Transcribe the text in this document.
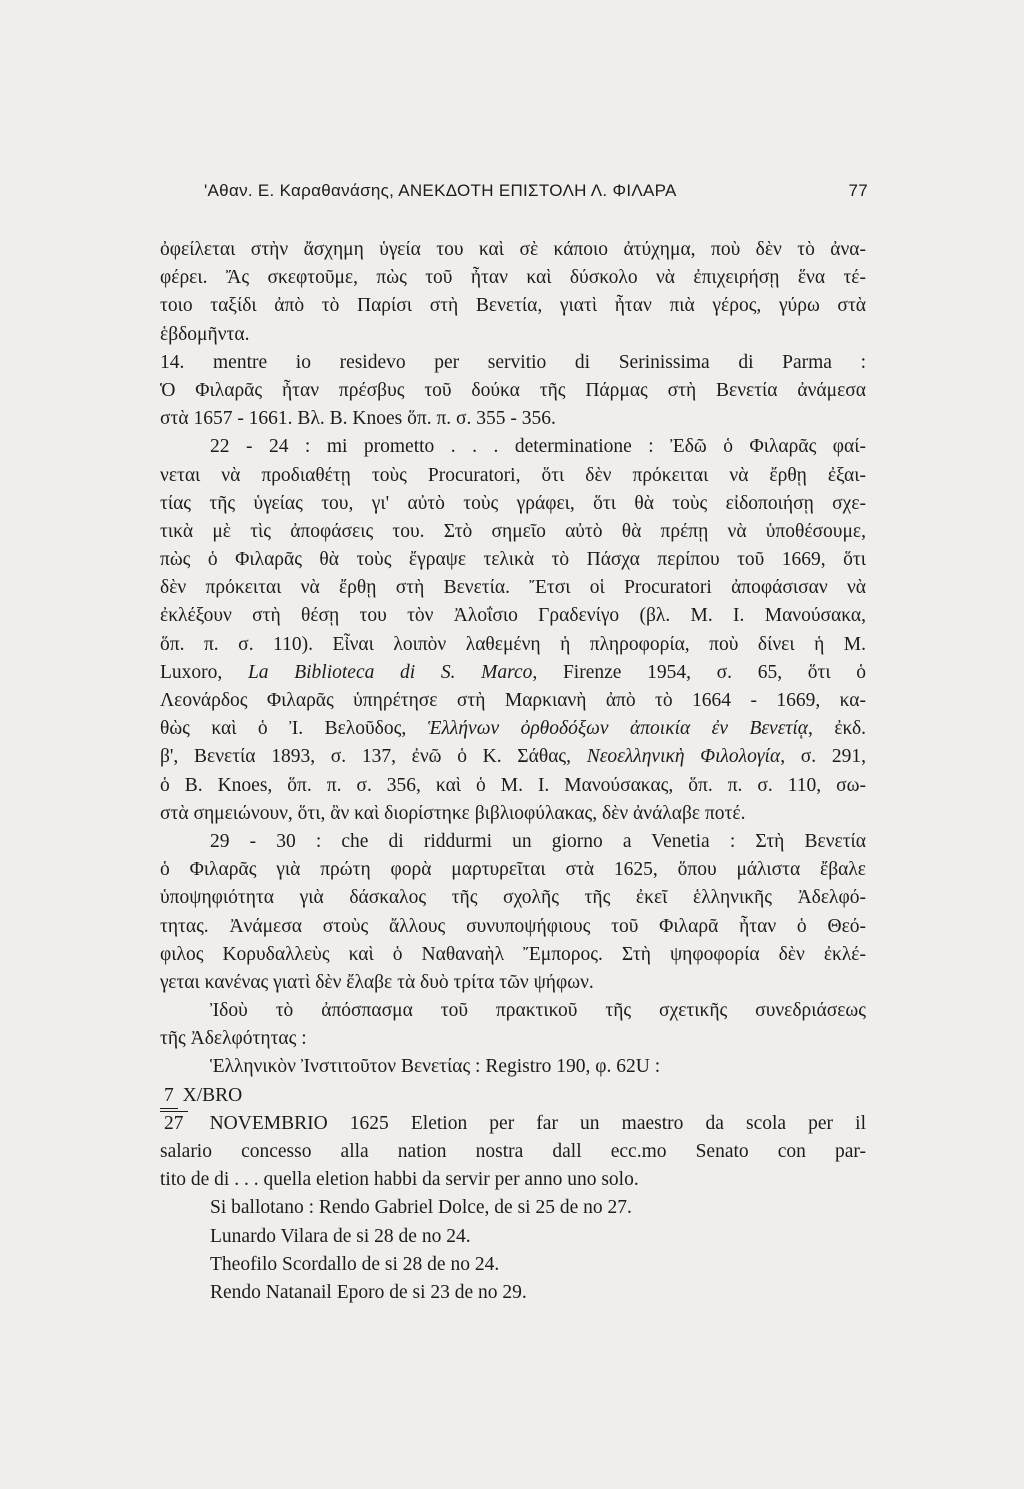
'Αθαν. Ε. Καραθανάσης, ΑΝΕΚΔΟΤΗ ΕΠΙΣΤΟΛΗ Λ. ΦΙΛΑΡΑ	77
ὀφείλεται στὴν ἄσχημη ὑγεία του καὶ σὲ κάποιο ἀτύχημα, ποὺ δὲν τὸ ἀνα-
φέρει. Ἄς σκεφτοῦμε, πὼς τοῦ ἦταν καὶ δύσκολο νὰ ἐπιχειρήσῃ ἕνα τέ-
τοιο ταξίδι ἀπὸ τὸ Παρίσι στὴ Βενετία, γιατὶ ἦταν πιὰ γέρος, γύρω στὰ
ἑβδομῆντα.
14. mentre io residevo per servitio di Serinissima di Parma :
Ὁ Φιλαρᾶς ἦταν πρέσβυς τοῦ δούκα τῆς Πάρμας στὴ Βενετία ἀνάμεσα
στὰ 1657 - 1661. Βλ. B. Knoes ὅπ. π. σ. 355 - 356.
22 - 24 : mi prometto . . . determinatione : Ἐδῶ ὁ Φιλαρᾶς φαί-
νεται νὰ προδιαθέτῃ τοὺς Procuratori, ὅτι δὲν πρόκειται νὰ ἔρθῃ ἐξαι-
τίας τῆς ὑγείας του, γι' αὐτὸ τοὺς γράφει, ὅτι θὰ τοὺς εἰδοποιήσῃ σχε-
τικὰ μὲ τὶς ἀποφάσεις του. Στὸ σημεῖο αὐτὸ θὰ πρέπῃ νὰ ὑποθέσουμε,
πὼς ὁ Φιλαρᾶς θὰ τοὺς ἔγραψε τελικὰ τὸ Πάσχα περίπου τοῦ 1669, ὅτι
δὲν πρόκειται νὰ ἔρθῃ στὴ Βενετία. Ἔτσι οἱ Procuratori ἀποφάσισαν νὰ
ἐκλέξουν στὴ θέσῃ του τὸν Ἀλοΐσιο Γραδενίγο (βλ. Μ. Ι. Μανούσακα,
ὅπ. π. σ. 110). Εἶναι λοιπὸν λαθεμένη ἡ πληροφορία, ποὺ δίνει ἡ M.
Luxoro, La Biblioteca di S. Marco, Firenze 1954, σ. 65, ὅτι ὁ
Λεονάρδος Φιλαρᾶς ὑπηρέτησε στὴ Μαρκιανὴ ἀπὸ τὸ 1664 - 1669, κα-
θὼς καὶ ὁ Ἰ. Βελοῦδος, Ἑλλήνων ὀρθοδόξων ἀποικία ἐν Βενετίᾳ, ἐκδ.
β', Βενετία 1893, σ. 137, ἐνῶ ὁ Κ. Σάθας, Νεοελληνικὴ Φιλολογία, σ. 291,
ὁ B. Knoes, ὅπ. π. σ. 356, καὶ ὁ Μ. Ι. Μανούσακας, ὅπ. π. σ. 110, σω-
στὰ σημειώνουν, ὅτι, ἂν καὶ διορίστηκε βιβλιοφύλακας, δὲν ἀνάλαβε ποτέ.
29 - 30 : che di riddurmi un giorno a Venetia : Στὴ Βενετία
ὁ Φιλαρᾶς γιὰ πρώτη φορὰ μαρτυρεῖται στὰ 1625, ὅπου μάλιστα ἔβαλε
ὑποψηφιότητα γιὰ δάσκαλος τῆς σχολῆς τῆς ἐκεῖ ἑλληνικῆς Ἀδελφό-
τητας. Ἀνάμεσα στοὺς ἄλλους συνυποψήφιους τοῦ Φιλαρᾶ ἦταν ὁ Θεό-
φιλος Κορυδαλλεὺς καὶ ὁ Ναθαναὴλ Ἔμπορος. Στὴ ψηφοφορία δὲν ἐκλέ-
γεται κανένας γιατὶ δὲν ἔλαβε τὰ δυὸ τρίτα τῶν ψήφων.
Ἰδοὺ τὸ ἀπόσπασμα τοῦ πρακτικοῦ τῆς σχετικῆς συνεδριάσεως
τῆς Ἀδελφότητας :
Ἑλληνικὸν Ἰνστιτοῦτον Βενετίας : Registro 190, φ. 62U :
7 X/BRO
27 NOVEMBRIO 1625 Eletion per far un maestro da scola per il
salario concesso alla nation nostra dall ecc.mo Senato con par-
tito de di . . . quella eletion habbi da servir per anno uno solo.
Si ballotano : Rendo Gabriel Dolce, de si 25 de no 27.
Lunardo Vilara de si 28 de no 24.
Theofilo Scordallo de si 28 de no 24.
Rendo Natanail Eporo de si 23 de no 29.
